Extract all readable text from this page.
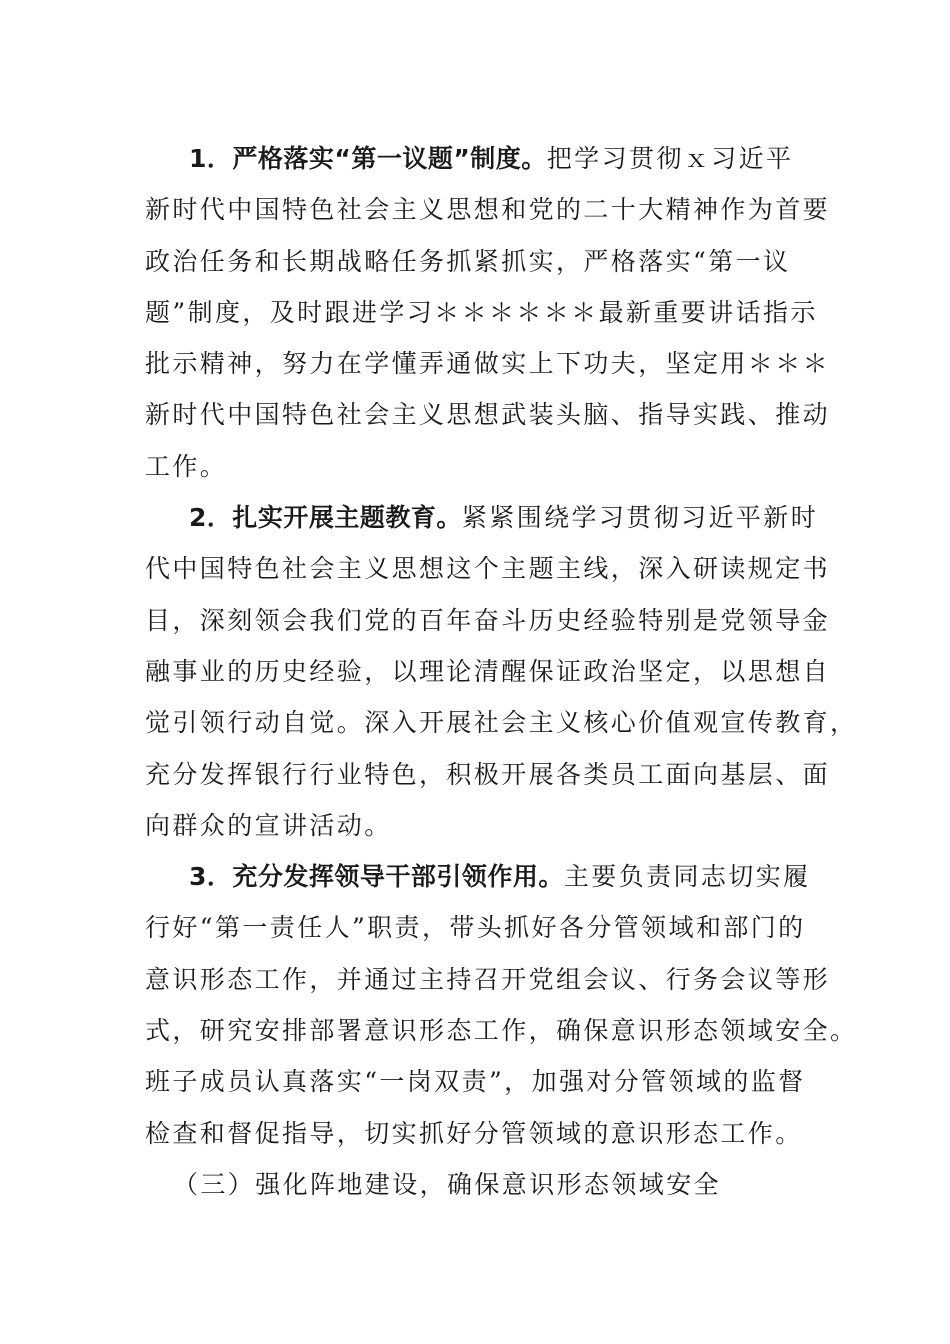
1．严格落实“第一议题”制度。把学习贯彻ｘ习近平
新时代中国特色社会主义思想和党的二十大精神作为首要
政治任务和长期战略任务抓紧抓实，严格落实“第一议
题”制度，及时跟进学习＊＊＊＊＊＊最新重要讲话指示
批示精神，努力在学懂弄通做实上下功夫，坚定用＊＊＊
新时代中国特色社会主义思想武装头脑、指导实践、推动
工作。
2．扎实开展主题教育。紧紧围绕学习贯彻习近平新时
代中国特色社会主义思想这个主题主线，深入研读规定书
目，深刻领会我们党的百年奋斗历史经验特别是党领导金
融事业的历史经验，以理论清醒保证政治坚定，以思想自
觉引领行动自觉。深入开展社会主义核心价值观宣传教育，
充分发挥银行行业特色，积极开展各类员工面向基层、面
向群众的宣讲活动。
3．充分发挥领导干部引领作用。主要负责同志切实履
行好“第一责任人”职责，带头抓好各分管领域和部门的
意识形态工作，并通过主持召开党组会议、行务会议等形
式，研究安排部署意识形态工作，确保意识形态领域安全。
班子成员认真落实“一岗双责”，加强对分管领域的监督
检查和督促指导，切实抓好分管领域的意识形态工作。
（三）强化阵地建设，确保意识形态领域安全
